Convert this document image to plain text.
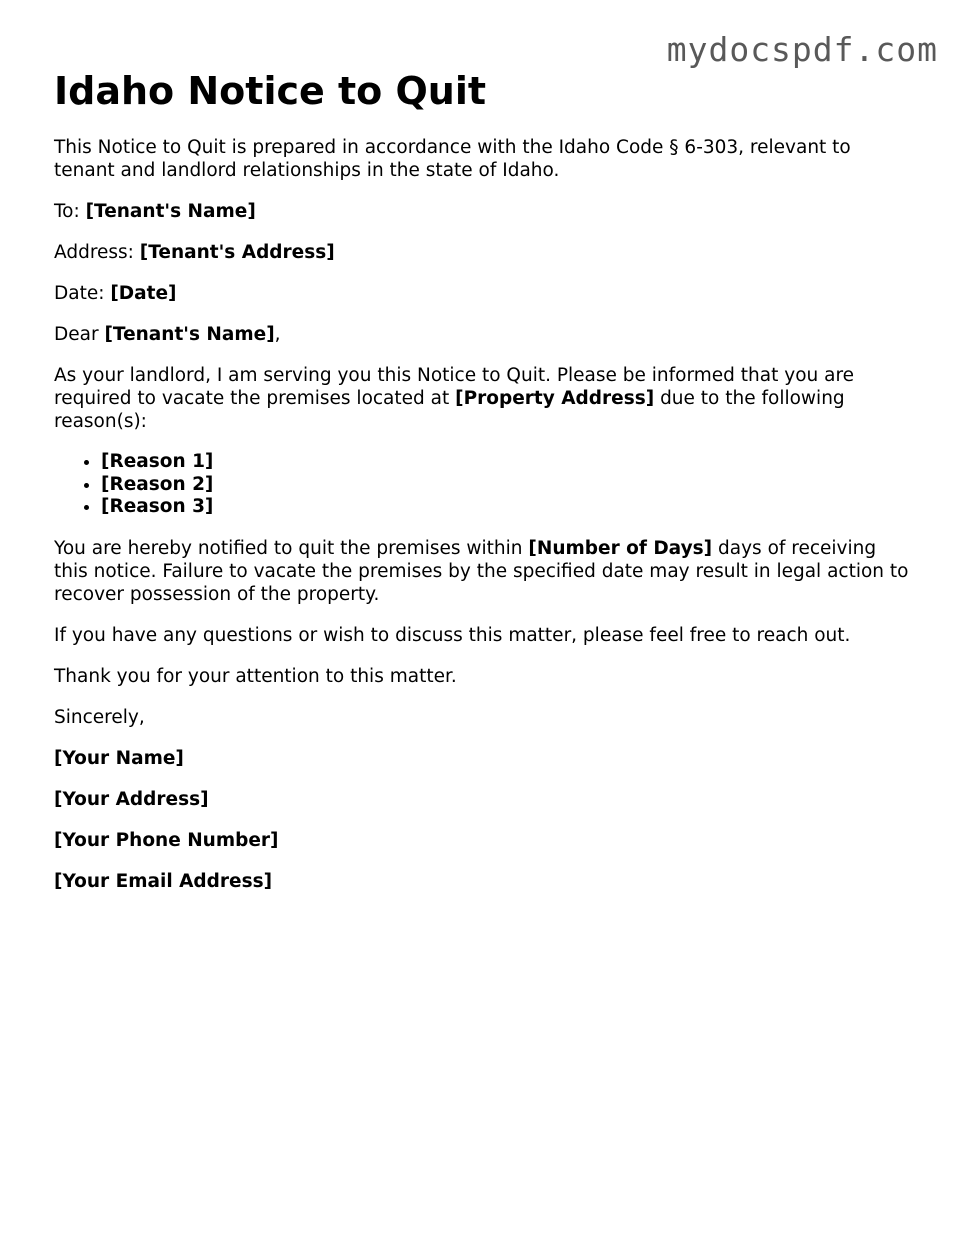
mydocspdf.com
Idaho Notice to Quit

This Notice to Quit is prepared in accordance with the Idaho Code § 6-303, relevant to tenant and landlord relationships in the state of Idaho.

To: [Tenant's Name]

Address: [Tenant's Address]

Date: [Date]

Dear [Tenant's Name],

As your landlord, I am serving you this Notice to Quit. Please be informed that you are required to vacate the premises located at [Property Address] due to the following reason(s):

• [Reason 1]
• [Reason 2]
• [Reason 3]

You are hereby notified to quit the premises within [Number of Days] days of receiving this notice. Failure to vacate the premises by the specified date may result in legal action to recover possession of the property.

If you have any questions or wish to discuss this matter, please feel free to reach out.

Thank you for your attention to this matter.

Sincerely,

[Your Name]

[Your Address]

[Your Phone Number]

[Your Email Address]
